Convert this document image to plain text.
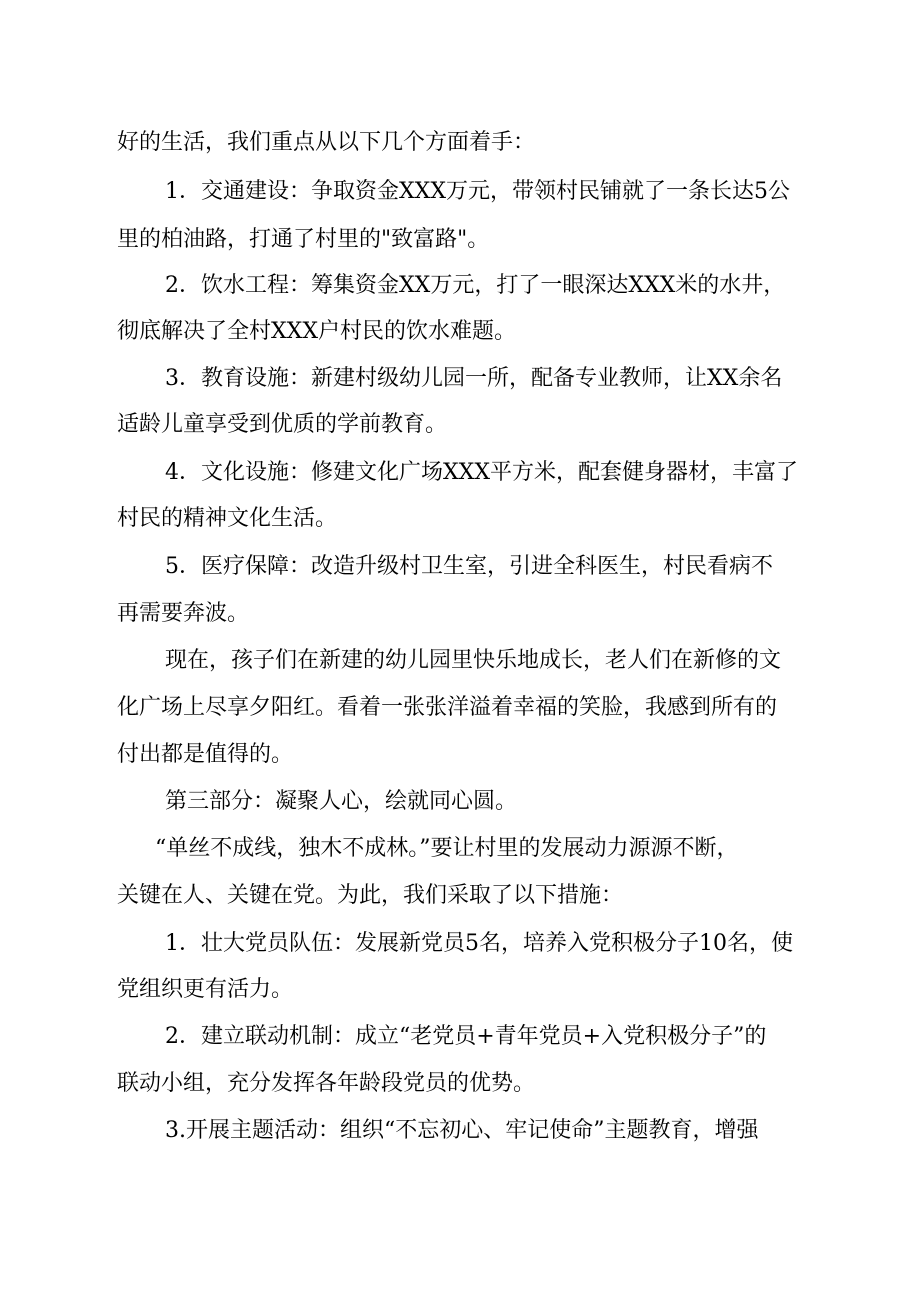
好的生活，我们重点从以下几个方面着手：
1．交通建设：争取资金XXX万元，带领村民铺就了一条长达5公
里的柏油路，打通了村里的"致富路"。
2．饮水工程：筹集资金XX万元，打了一眼深达XXX米的水井，
彻底解决了全村XXX户村民的饮水难题。
3．教育设施：新建村级幼儿园一所，配备专业教师，让XX余名
适龄儿童享受到优质的学前教育。
4．文化设施：修建文化广场XXX平方米，配套健身器材，丰富了
村民的精神文化生活。
5．医疗保障：改造升级村卫生室，引进全科医生，村民看病不
再需要奔波。
现在，孩子们在新建的幼儿园里快乐地成长，老人们在新修的文
化广场上尽享夕阳红。看着一张张洋溢着幸福的笑脸，我感到所有的
付出都是值得的。
第三部分：凝聚人心，绘就同心圆。
“单丝不成线，独木不成林。”要让村里的发展动力源源不断，
关键在人、关键在党。为此，我们采取了以下措施：
1．壮大党员队伍：发展新党员5名，培养入党积极分子10名，使
党组织更有活力。
2．建立联动机制：成立“老党员+青年党员+入党积极分子”的
联动小组，充分发挥各年龄段党员的优势。
3.开展主题活动：组织“不忘初心、牢记使命”主题教育，增强
